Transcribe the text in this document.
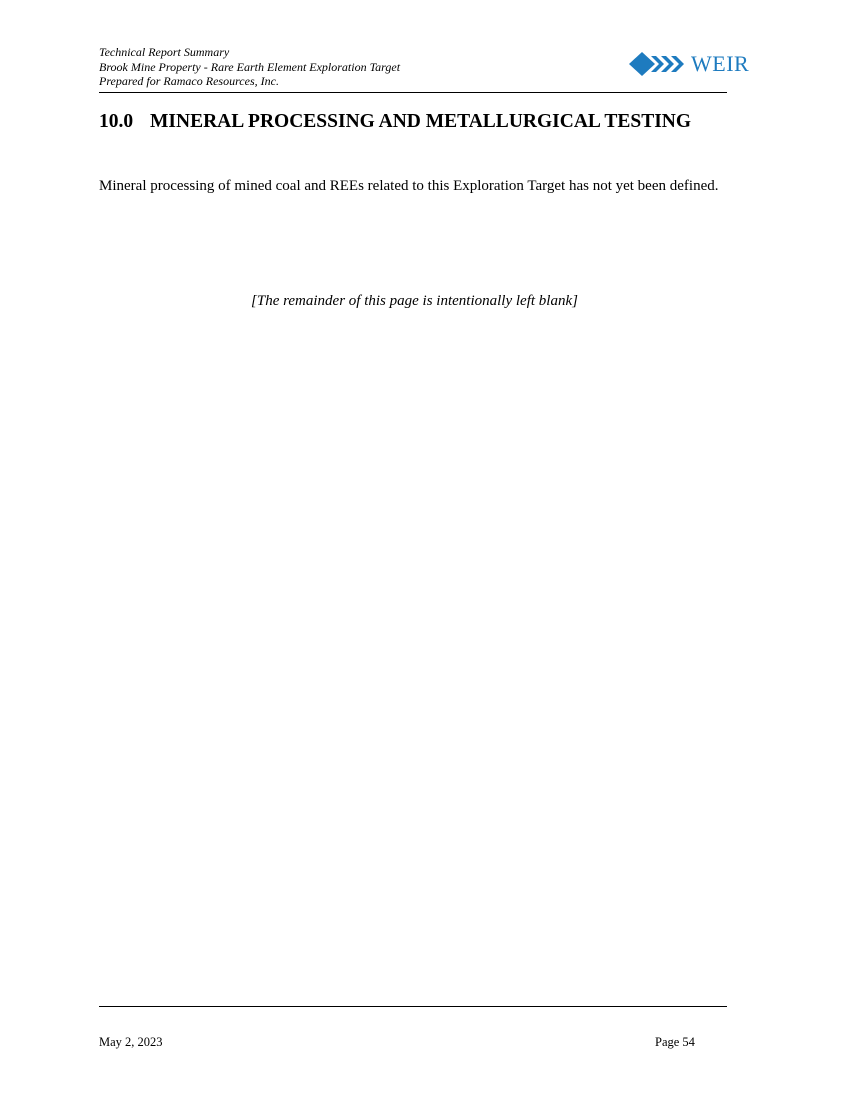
Technical Report Summary
Brook Mine Property - Rare Earth Element Exploration Target
Prepared for Ramaco Resources, Inc.
WEIR
10.0 MINERAL PROCESSING AND METALLURGICAL TESTING

Mineral processing of mined coal and REEs related to this Exploration Target has not yet been defined.

[The remainder of this page is intentionally left blank]

May 2, 2023	Page 54
